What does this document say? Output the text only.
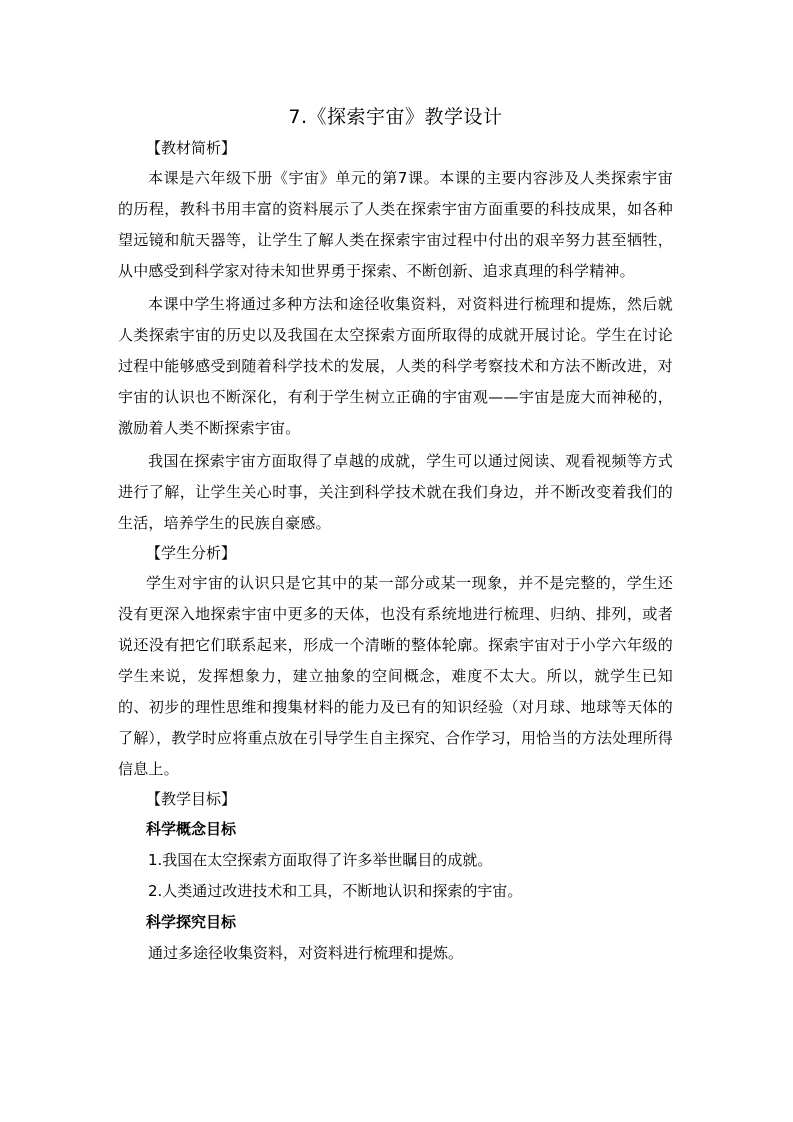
7.《探索宇宙》教学设计
【教材简析】

本课是六年级下册《宇宙》单元的第7课。本课的主要内容涉及人类探索宇宙的历程，教科书用丰富的资料展示了人类在探索宇宙方面重要的科技成果，如各种望远镜和航天器等，让学生了解人类在探索宇宙过程中付出的艰辛努力甚至牺牲，从中感受到科学家对待未知世界勇于探索、不断创新、追求真理的科学精神。

本课中学生将通过多种方法和途径收集资料，对资料进行梳理和提炼，然后就人类探索宇宙的历史以及我国在太空探索方面所取得的成就开展讨论。学生在讨论过程中能够感受到随着科学技术的发展，人类的科学考察技术和方法不断改进，对宇宙的认识也不断深化，有利于学生树立正确的宇宙观——宇宙是庞大而神秘的，激励着人类不断探索宇宙。

我国在探索宇宙方面取得了卓越的成就，学生可以通过阅读、观看视频等方式进行了解，让学生关心时事，关注到科学技术就在我们身边，并不断改变着我们的生活，培养学生的民族自豪感。

【学生分析】

学生对宇宙的认识只是它其中的某一部分或某一现象，并不是完整的，学生还没有更深入地探索宇宙中更多的天体，也没有系统地进行梳理、归纳、排列，或者说还没有把它们联系起来，形成一个清晰的整体轮廓。探索宇宙对于小学六年级的学生来说，发挥想象力，建立抽象的空间概念，难度不太大。所以，就学生已知的、初步的理性思维和搜集材料的能力及已有的知识经验（对月球、地球等天体的了解），教学时应将重点放在引导学生自主探究、合作学习，用恰当的方法处理所得信息上。

【教学目标】
科学概念目标

1.我国在太空探索方面取得了许多举世瞩目的成就。

2.人类通过改进技术和工具，不断地认识和探索的宇宙。

科学探究目标

通过多途径收集资料，对资料进行梳理和提炼。
